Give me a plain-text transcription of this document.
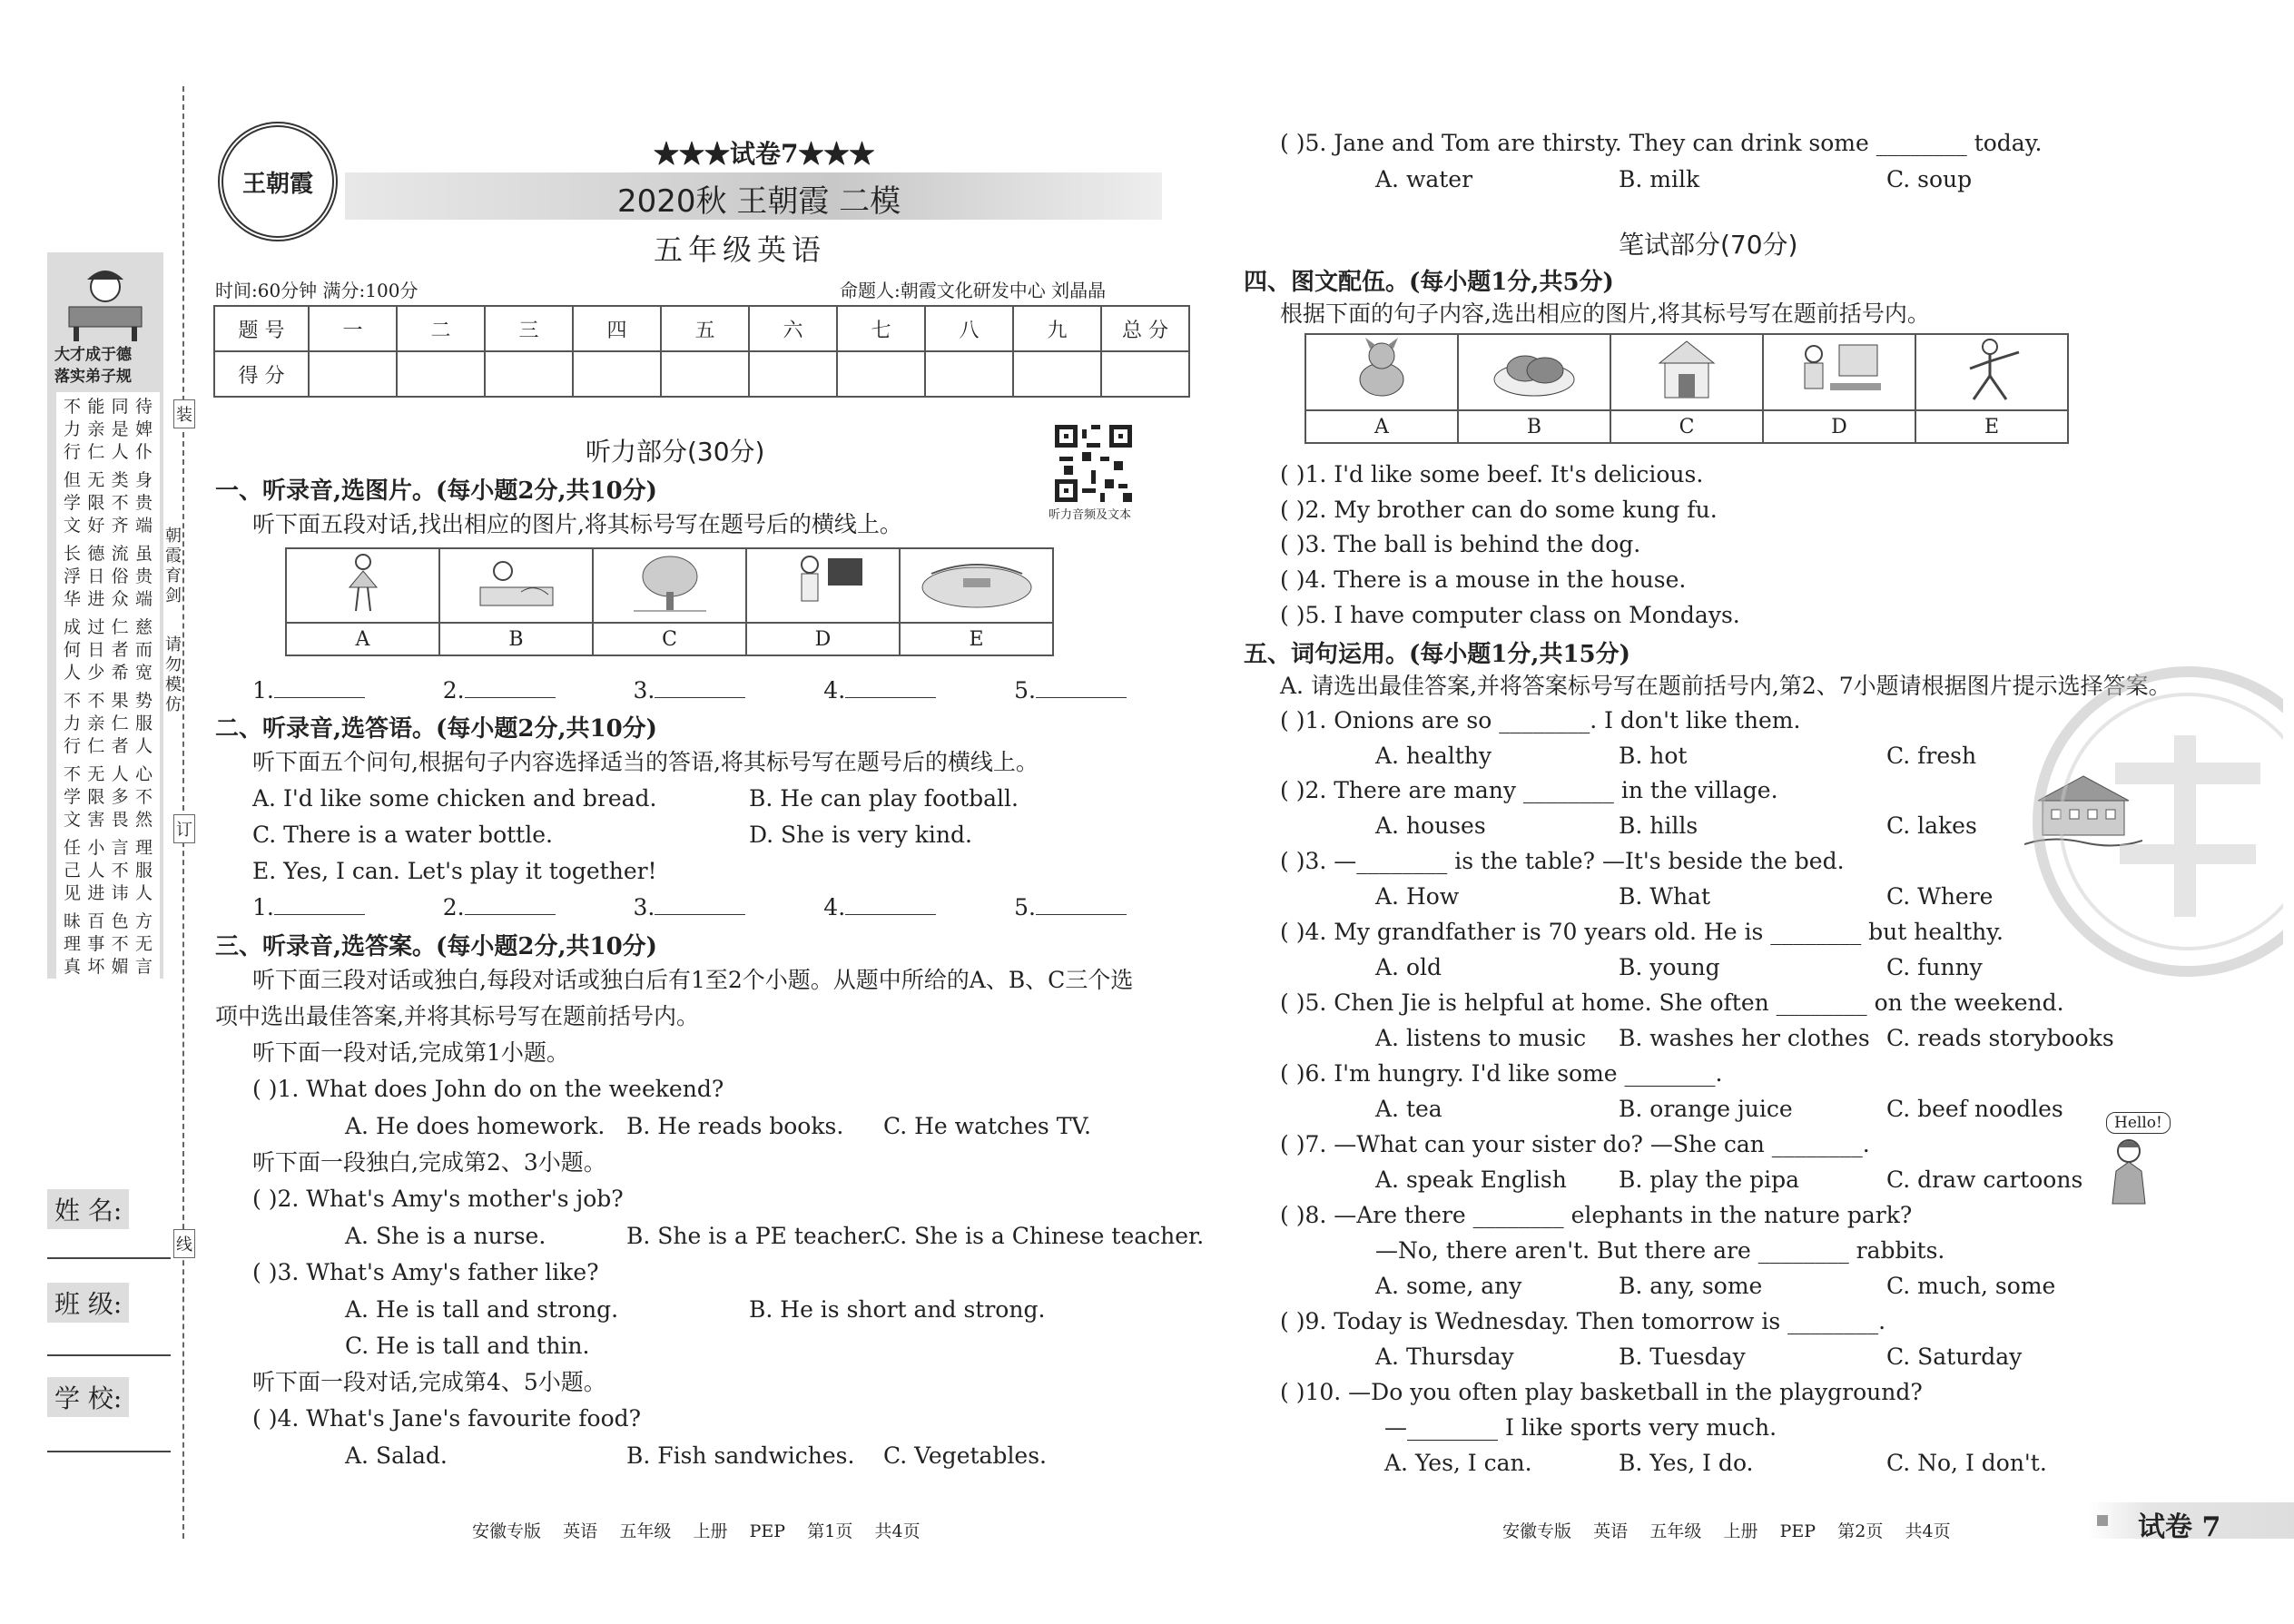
大才成于德
落实弟子规
不 能 同 待
力 亲 是 婢
行 仁 人 仆
但 无 类 身
学 限 不 贵
文 好 齐 端
长 德 流 虽
浮 日 俗 贵
华 进 众 端
成 过 仁 慈
何 日 者 而
人 少 希 宽
不 不 果 势
力 亲 仁 服
行 仁 者 人
不 无 人 心
学 限 多 不
文 害 畏 然
任 小 言 理
己 人 不 服
见 进 讳 人
昧 百 色 方
理 事 不 无
真 坏 媚 言
姓 名:
班 级:
学 校:
装
订
线
朝
霞
育
剑
请
勿
模
仿
王朝霞
★★★试卷7★★★
2020秋 王朝霞 二模
五年级英语
时间:60分钟 满分:100分	命题人:朝霞文化研发中心 刘晶晶
题 号	一	二	三	四	五	六	七	八	九	总 分
得 分										
听力音频及文本
听力部分(30分)
一、听录音,选图片。(每小题2分,共10分)
听下面五段对话,找出相应的图片,将其标号写在题号后的横线上。

A	B	C	D	E
1.	2.	3.	4.	5.
二、听录音,选答语。(每小题2分,共10分)
听下面五个问句,根据句子内容选择适当的答语,将其标号写在题号后的横线上。
A. I'd like some chicken and bread.	B. He can play football.
C. There is a water bottle.	D. She is very kind.
E. Yes, I can. Let's play it together!
1.	2.	3.	4.	5.
三、听录音,选答案。(每小题2分,共10分)
听下面三段对话或独白,每段对话或独白后有1至2个小题。从题中所给的A、B、C三个选
项中选出最佳答案,并将其标号写在题前括号内。
听下面一段对话,完成第1小题。
( )1. What does John do on the weekend?
A. He does homework. B. He reads books. C. He watches TV.
听下面一段独白,完成第2、3小题。
( )2. What's Amy's mother's job?
A. She is a nurse.	B. She is a PE teacher.
C. She is a Chinese teacher.
( )3. What's Amy's father like?
A. He is tall and strong.	B. He is short and strong.
C. He is tall and thin.
听下面一段对话,完成第4、5小题。
( )4. What's Jane's favourite food?
A. Salad.	B. Fish sandwiches. C. Vegetables.
安徽专版    英语    五年级    上册    PEP    第1页    共4页
( )5. Jane and Tom are thirsty. They can drink some ________ today.
A. water	B. milk	C. soup
笔试部分(70分)
四、图文配伍。(每小题1分,共5分)
根据下面的句子内容,选出相应的图片,将其标号写在题前括号内。

A	B	C	D	E
( )1. I'd like some beef. It's delicious.
( )2. My brother can do some kung fu.
( )3. The ball is behind the dog.
( )4. There is a mouse in the house.
( )5. I have computer class on Mondays.
五、词句运用。(每小题1分,共15分)
A. 请选出最佳答案,并将答案标号写在题前括号内,第2、7小题请根据图片提示选择答案。
( )1. Onions are so ________. I don't like them.
A. healthy	B. hot	C. fresh
( )2. There are many ________ in the village.
A. houses	B. hills	C. lakes
( )3. —________ is the table? —It's beside the bed.
A. How	B. What	C. Where
( )4. My grandfather is 70 years old. He is ________ but healthy.
A. old	B. young	C. funny
( )5. Chen Jie is helpful at home. She often ________ on the weekend.
A. listens to music B. washes her clothes C. reads storybooks
( )6. I'm hungry. I'd like some ________.
A. tea	B. orange juice	C. beef noodles
( )7. —What can your sister do? —She can ________.
A. speak English B. play the pipa	C. draw cartoons
( )8. —Are there ________ elephants in the nature park?
—No, there aren't. But there are ________ rabbits.
A. some, any	B. any, some	C. much, some
( )9. Today is Wednesday. Then tomorrow is ________.
A. Thursday	B. Tuesday	C. Saturday
( )10. —Do you often play basketball in the playground?
—________ I like sports very much.
A. Yes, I can.	B. Yes, I do.	C. No, I don't.
Hello!
安徽专版    英语    五年级    上册    PEP    第2页    共4页	试卷 7
